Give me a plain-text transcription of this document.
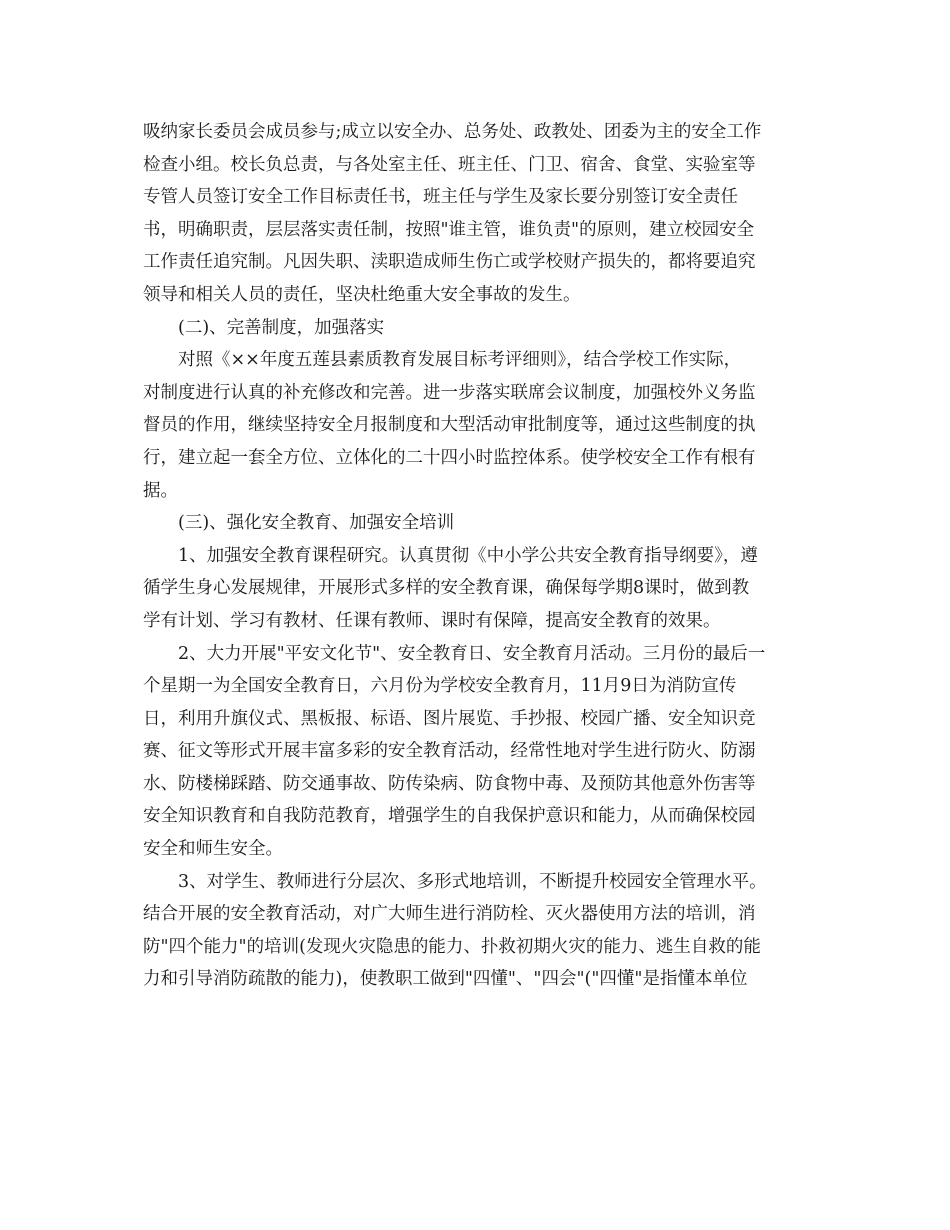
吸纳家长委员会成员参与;成立以安全办、总务处、政教处、团委为主的安全工作
检查小组。校长负总责，与各处室主任、班主任、门卫、宿舍、食堂、实验室等
专管人员签订安全工作目标责任书，班主任与学生及家长要分别签订安全责任
书，明确职责，层层落实责任制，按照"谁主管，谁负责"的原则，建立校园安全
工作责任追究制。凡因失职、渎职造成师生伤亡或学校财产损失的，都将要追究
领导和相关人员的责任，坚决杜绝重大安全事故的发生。
(二)、完善制度，加强落实
对照《××年度五莲县素质教育发展目标考评细则》，结合学校工作实际，
对制度进行认真的补充修改和完善。进一步落实联席会议制度，加强校外义务监
督员的作用，继续坚持安全月报制度和大型活动审批制度等，通过这些制度的执
行，建立起一套全方位、立体化的二十四小时监控体系。使学校安全工作有根有
据。
(三)、强化安全教育、加强安全培训
1、加强安全教育课程研究。认真贯彻《中小学公共安全教育指导纲要》，遵
循学生身心发展规律，开展形式多样的安全教育课，确保每学期8课时，做到教
学有计划、学习有教材、任课有教师、课时有保障，提高安全教育的效果。
2、大力开展"平安文化节"、安全教育日、安全教育月活动。三月份的最后一
个星期一为全国安全教育日，六月份为学校安全教育月，11月9日为消防宣传
日，利用升旗仪式、黑板报、标语、图片展览、手抄报、校园广播、安全知识竞
赛、征文等形式开展丰富多彩的安全教育活动，经常性地对学生进行防火、防溺
水、防楼梯踩踏、防交通事故、防传染病、防食物中毒、及预防其他意外伤害等
安全知识教育和自我防范教育，增强学生的自我保护意识和能力，从而确保校园
安全和师生安全。
3、对学生、教师进行分层次、多形式地培训，不断提升校园安全管理水平。
结合开展的安全教育活动，对广大师生进行消防栓、灭火器使用方法的培训，消
防"四个能力"的培训(发现火灾隐患的能力、扑救初期火灾的能力、逃生自救的能
力和引导消防疏散的能力)，使教职工做到"四懂"、"四会"("四懂"是指懂本单位
